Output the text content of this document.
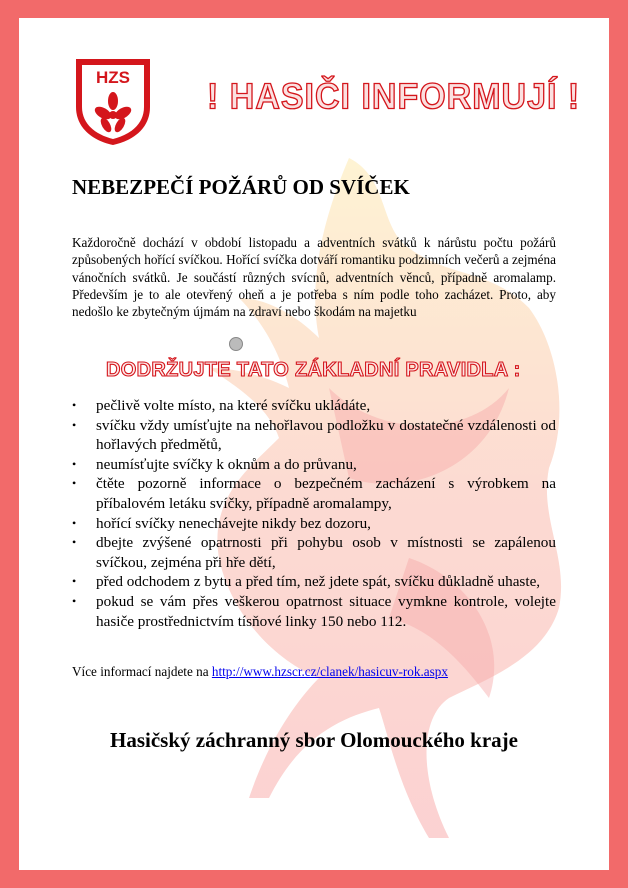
HZS ! HASIČI INFORMUJÍ !
NEBEZPEČÍ POŽÁRŮ OD SVÍČEK

Každoročně dochází v období listopadu a adventních svátků k nárůstu počtu požárů způsobených hořící svíčkou. Hořící svíčka dotváří romantiku podzimních večerů a zejména vánočních svátků. Je součástí různých svícnů, adventních věnců, případně aromalamp. Především je to ale otevřený oheň a je potřeba s ním podle toho zacházet. Proto, aby nedošlo ke zbytečným újmám na zdraví nebo škodám na majetku

DODRŽUJTE TATO ZÁKLADNÍ PRAVIDLA :
• pečlivě volte místo, na které svíčku ukládáte,
• svíčku vždy umísťujte na nehořlavou podložku v dostatečné vzdálenosti od hořlavých předmětů,
• neumísťujte svíčky k oknům a do průvanu,
• čtěte pozorně informace o bezpečném zacházení s výrobkem na příbalovém letáku svíčky, případně aromalampy,
• hořící svíčky nenechávejte nikdy bez dozoru,
• dbejte zvýšené opatrnosti při pohybu osob v místnosti se zapálenou svíčkou, zejména při hře dětí,
• před odchodem z bytu a před tím, než jdete spát, svíčku důkladně uhaste,
• pokud se vám přes veškerou opatrnost situace vymkne kontrole, volejte hasiče prostřednictvím tísňové linky 150 nebo 112.
Více informací najdete na http://www.hzscr.cz/clanek/hasicuv-rok.aspx
Hasičský záchranný sbor Olomouckého kraje
